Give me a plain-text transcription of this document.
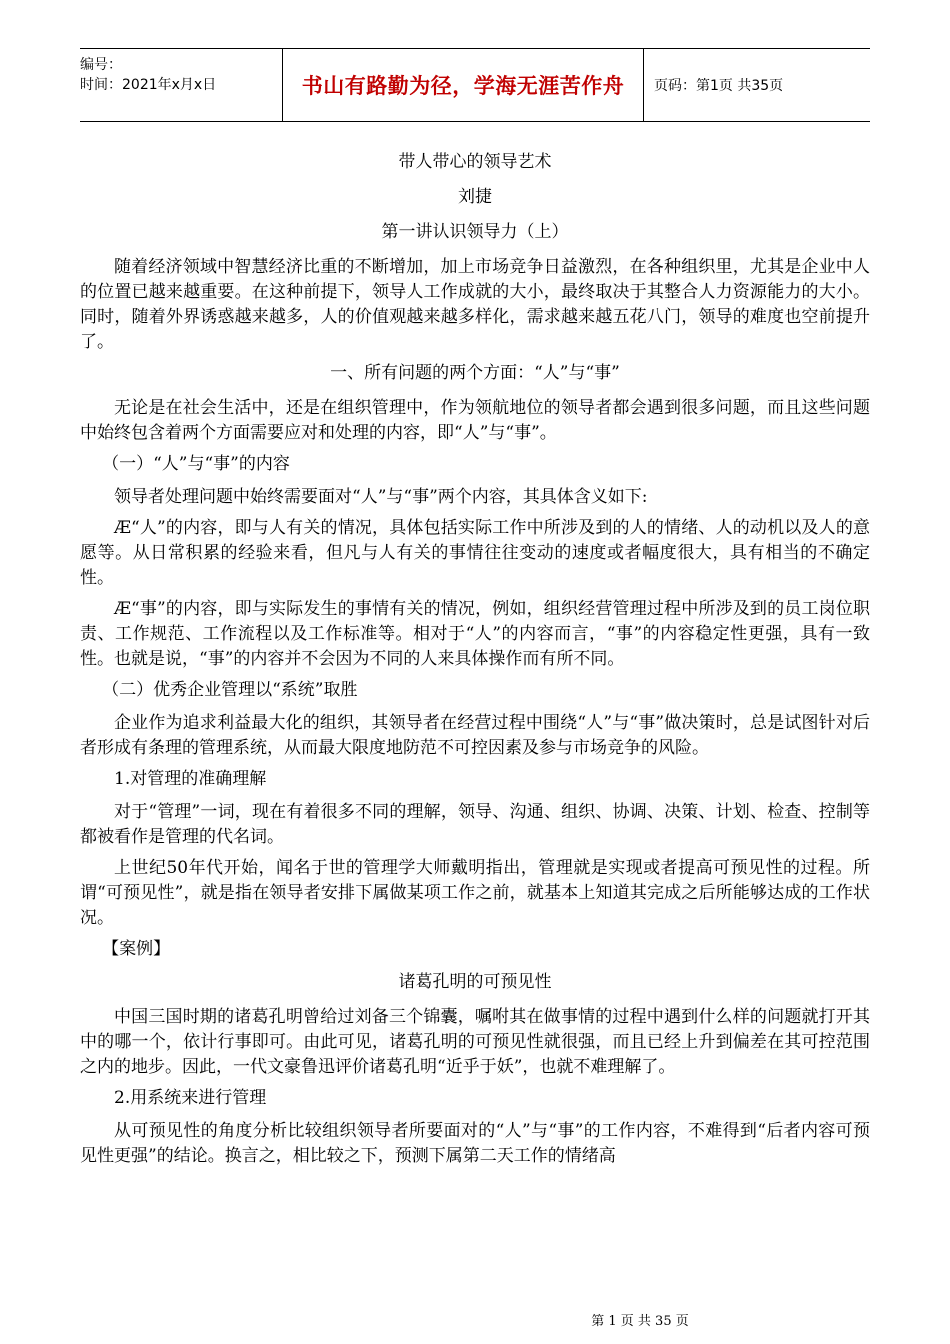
编号：
时间：2021年x月x日	书山有路勤为径，学海无涯苦作舟	页码：第1页 共35页

带人带心的领导艺术

刘捷

第一讲认识领导力（上）

随着经济领域中智慧经济比重的不断增加，加上市场竞争日益激烈，在各种组织里，尤其是企业中人的位置已越来越重要。在这种前提下，领导人工作成就的大小，最终取决于其整合人力资源能力的大小。同时，随着外界诱惑越来越多，人的价值观越来越多样化，需求越来越五花八门，领导的难度也空前提升了。

一、所有问题的两个方面：“人”与“事”

无论是在社会生活中，还是在组织管理中，作为领航地位的领导者都会遇到很多问题，而且这些问题中始终包含着两个方面需要应对和处理的内容，即“人”与“事”。

（一）“人”与“事”的内容

领导者处理问题中始终需要面对“人”与“事”两个内容，其具体含义如下:

Æ“人”的内容，即与人有关的情况，具体包括实际工作中所涉及到的人的情绪、人的动机以及人的意愿等。从日常积累的经验来看，但凡与人有关的事情往往变动的速度或者幅度很大，具有相当的不确定性。

Æ“事”的内容，即与实际发生的事情有关的情况，例如，组织经营管理过程中所涉及到的员工岗位职责、工作规范、工作流程以及工作标准等。相对于“人”的内容而言，“事”的内容稳定性更强，具有一致性。也就是说，“事”的内容并不会因为不同的人来具体操作而有所不同。

（二）优秀企业管理以“系统”取胜

企业作为追求利益最大化的组织，其领导者在经营过程中围绕“人”与“事”做决策时，总是试图针对后者形成有条理的管理系统，从而最大限度地防范不可控因素及参与市场竞争的风险。

1.对管理的准确理解

对于“管理”一词，现在有着很多不同的理解，领导、沟通、组织、协调、决策、计划、检查、控制等都被看作是管理的代名词。

上世纪50年代开始，闻名于世的管理学大师戴明指出，管理就是实现或者提高可预见性的过程。所谓“可预见性”，就是指在领导者安排下属做某项工作之前，就基本上知道其完成之后所能够达成的工作状况。

【案例】

诸葛孔明的可预见性

中国三国时期的诸葛孔明曾给过刘备三个锦囊，嘱咐其在做事情的过程中遇到什么样的问题就打开其中的哪一个，依计行事即可。由此可见，诸葛孔明的可预见性就很强，而且已经上升到偏差在其可控范围之内的地步。因此，一代文豪鲁迅评价诸葛孔明“近乎于妖”，也就不难理解了。

2.用系统来进行管理

从可预见性的角度分析比较组织领导者所要面对的“人”与“事”的工作内容，不难得到“后者内容可预见性更强”的结论。换言之，相比较之下，预测下属第二天工作的情绪高

第 1 页 共 35 页
